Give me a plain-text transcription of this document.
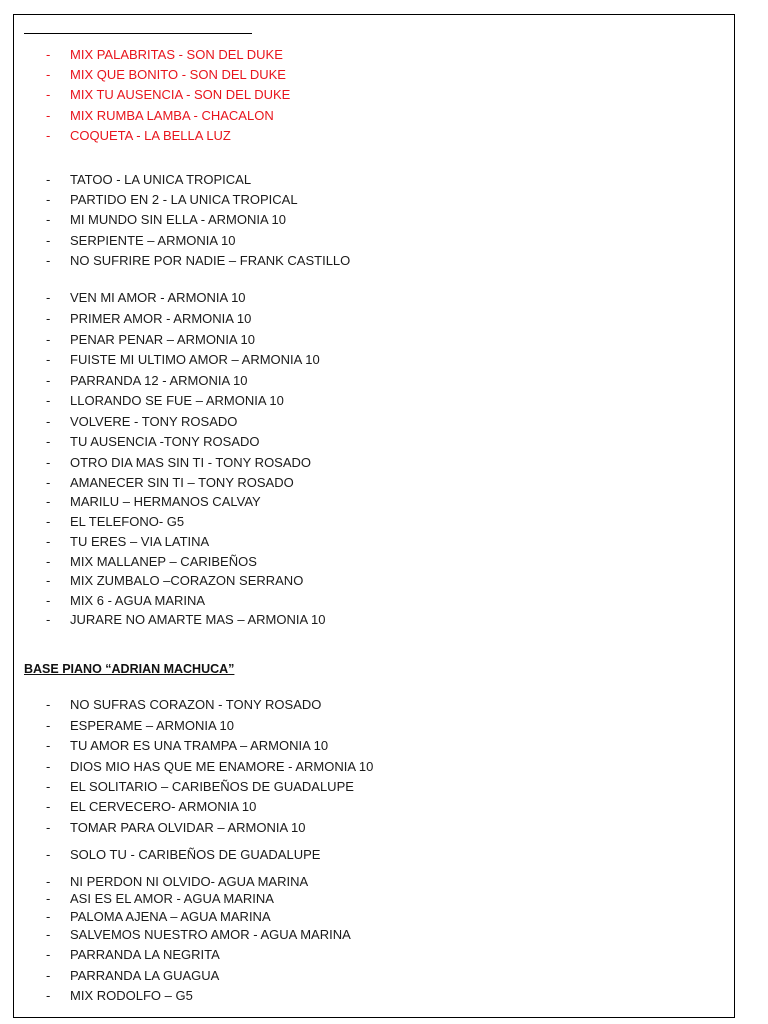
- MIX PALABRITAS - SON DEL DUKE
- MIX QUE BONITO - SON DEL DUKE
- MIX TU AUSENCIA - SON DEL DUKE
- MIX RUMBA LAMBA - CHACALON
- COQUETA - LA BELLA LUZ
- TATOO - LA UNICA TROPICAL
- PARTIDO EN 2 - LA UNICA TROPICAL
- MI MUNDO SIN ELLA - ARMONIA 10
- SERPIENTE – ARMONIA 10
- NO SUFRIRE POR NADIE – FRANK CASTILLO
- VEN MI AMOR - ARMONIA 10
- PRIMER AMOR - ARMONIA 10
- PENAR PENAR – ARMONIA 10
- FUISTE MI ULTIMO AMOR – ARMONIA 10
- PARRANDA 12 - ARMONIA 10
- LLORANDO SE FUE – ARMONIA 10
- VOLVERE - TONY ROSADO
- TU AUSENCIA -TONY ROSADO
- OTRO DIA MAS SIN TI - TONY ROSADO
- AMANECER SIN TI – TONY ROSADO
- MARILU – HERMANOS CALVAY
- EL TELEFONO- G5
- TU ERES – VIA LATINA
- MIX MALLANEP – CARIBEÑOS
- MIX ZUMBALO –CORAZON SERRANO
- MIX 6 - AGUA MARINA
- JURARE NO AMARTE MAS – ARMONIA 10
- NO SUFRAS CORAZON - TONY ROSADO
- ESPERAME – ARMONIA 10
- TU AMOR ES UNA TRAMPA – ARMONIA 10
- DIOS MIO HAS QUE ME ENAMORE - ARMONIA 10
- EL SOLITARIO – CARIBEÑOS DE GUADALUPE
- EL CERVECERO- ARMONIA 10
- TOMAR PARA OLVIDAR – ARMONIA 10
- SOLO TU - CARIBEÑOS DE GUADALUPE
- NI PERDON NI OLVIDO- AGUA MARINA
- ASI ES EL AMOR - AGUA MARINA
- PALOMA AJENA – AGUA MARINA
- SALVEMOS NUESTRO AMOR - AGUA MARINA
- PARRANDA LA NEGRITA
- PARRANDA LA GUAGUA
- MIX RODOLFO – G5
BASE PIANO “ADRIAN MACHUCA”
